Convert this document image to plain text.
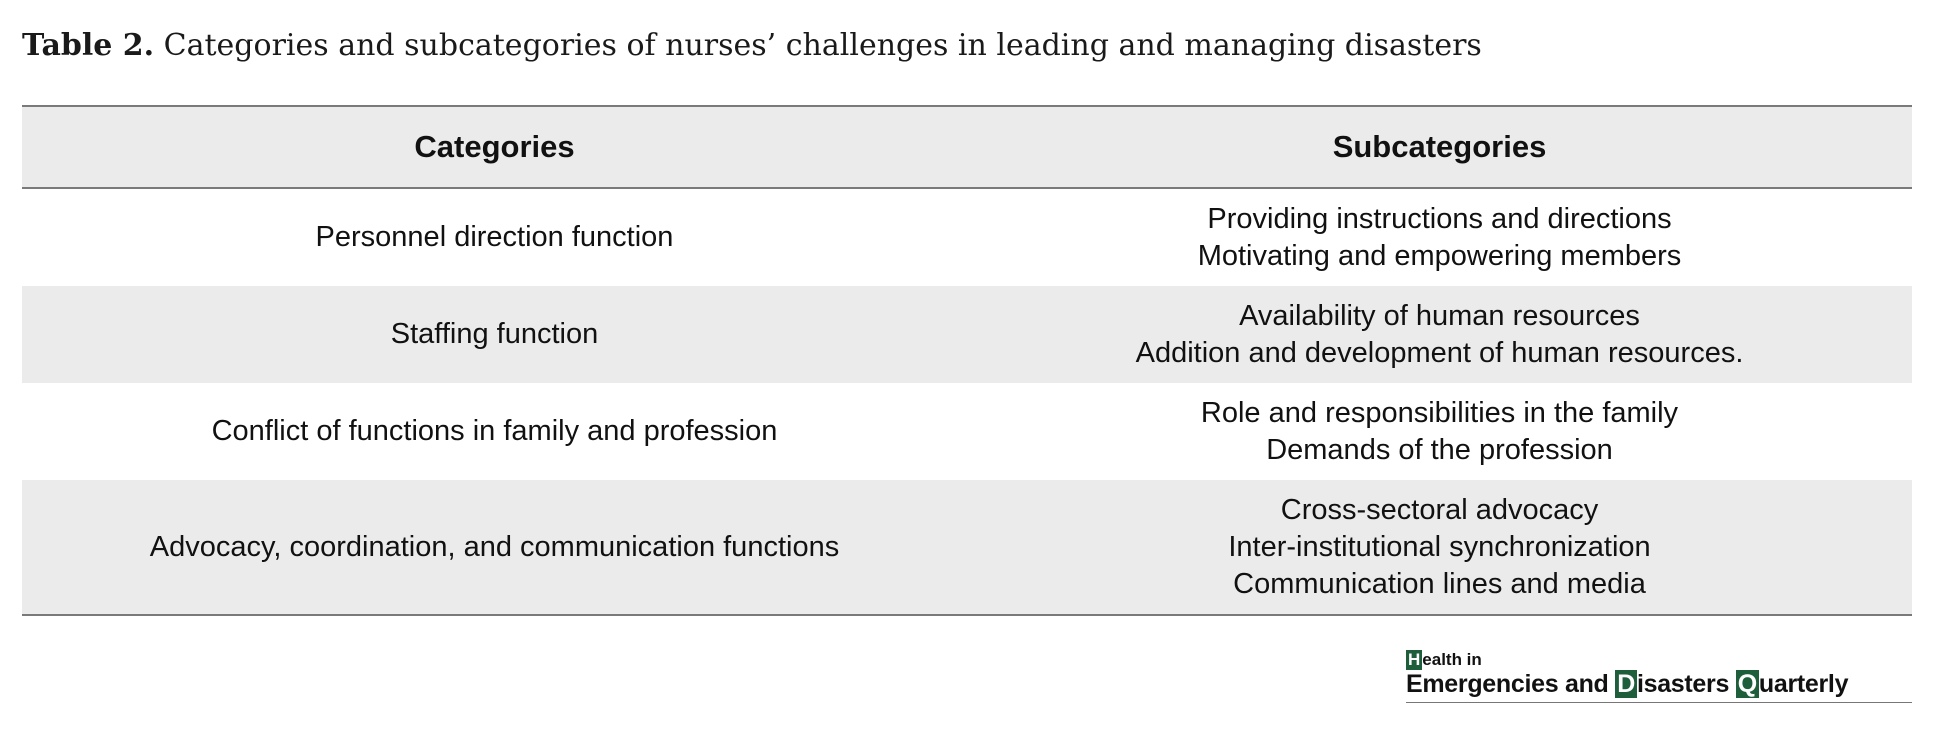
Table 2. Categories and subcategories of nurses’ challenges in leading and managing disasters
Categories	Subcategories
Personnel direction function	Providing instructions and directions
Motivating and empowering members

Staffing function	Availability of human resources
Addition and development of human resources.

Conflict of functions in family and profession	Role and responsibilities in the family
Demands of the profession

Advocacy, coordination, and communication functions	Cross-sectoral advocacy
Inter-institutional synchronization
Communication lines and media
H ealth in
Emergencies and Disasters Quarterly
